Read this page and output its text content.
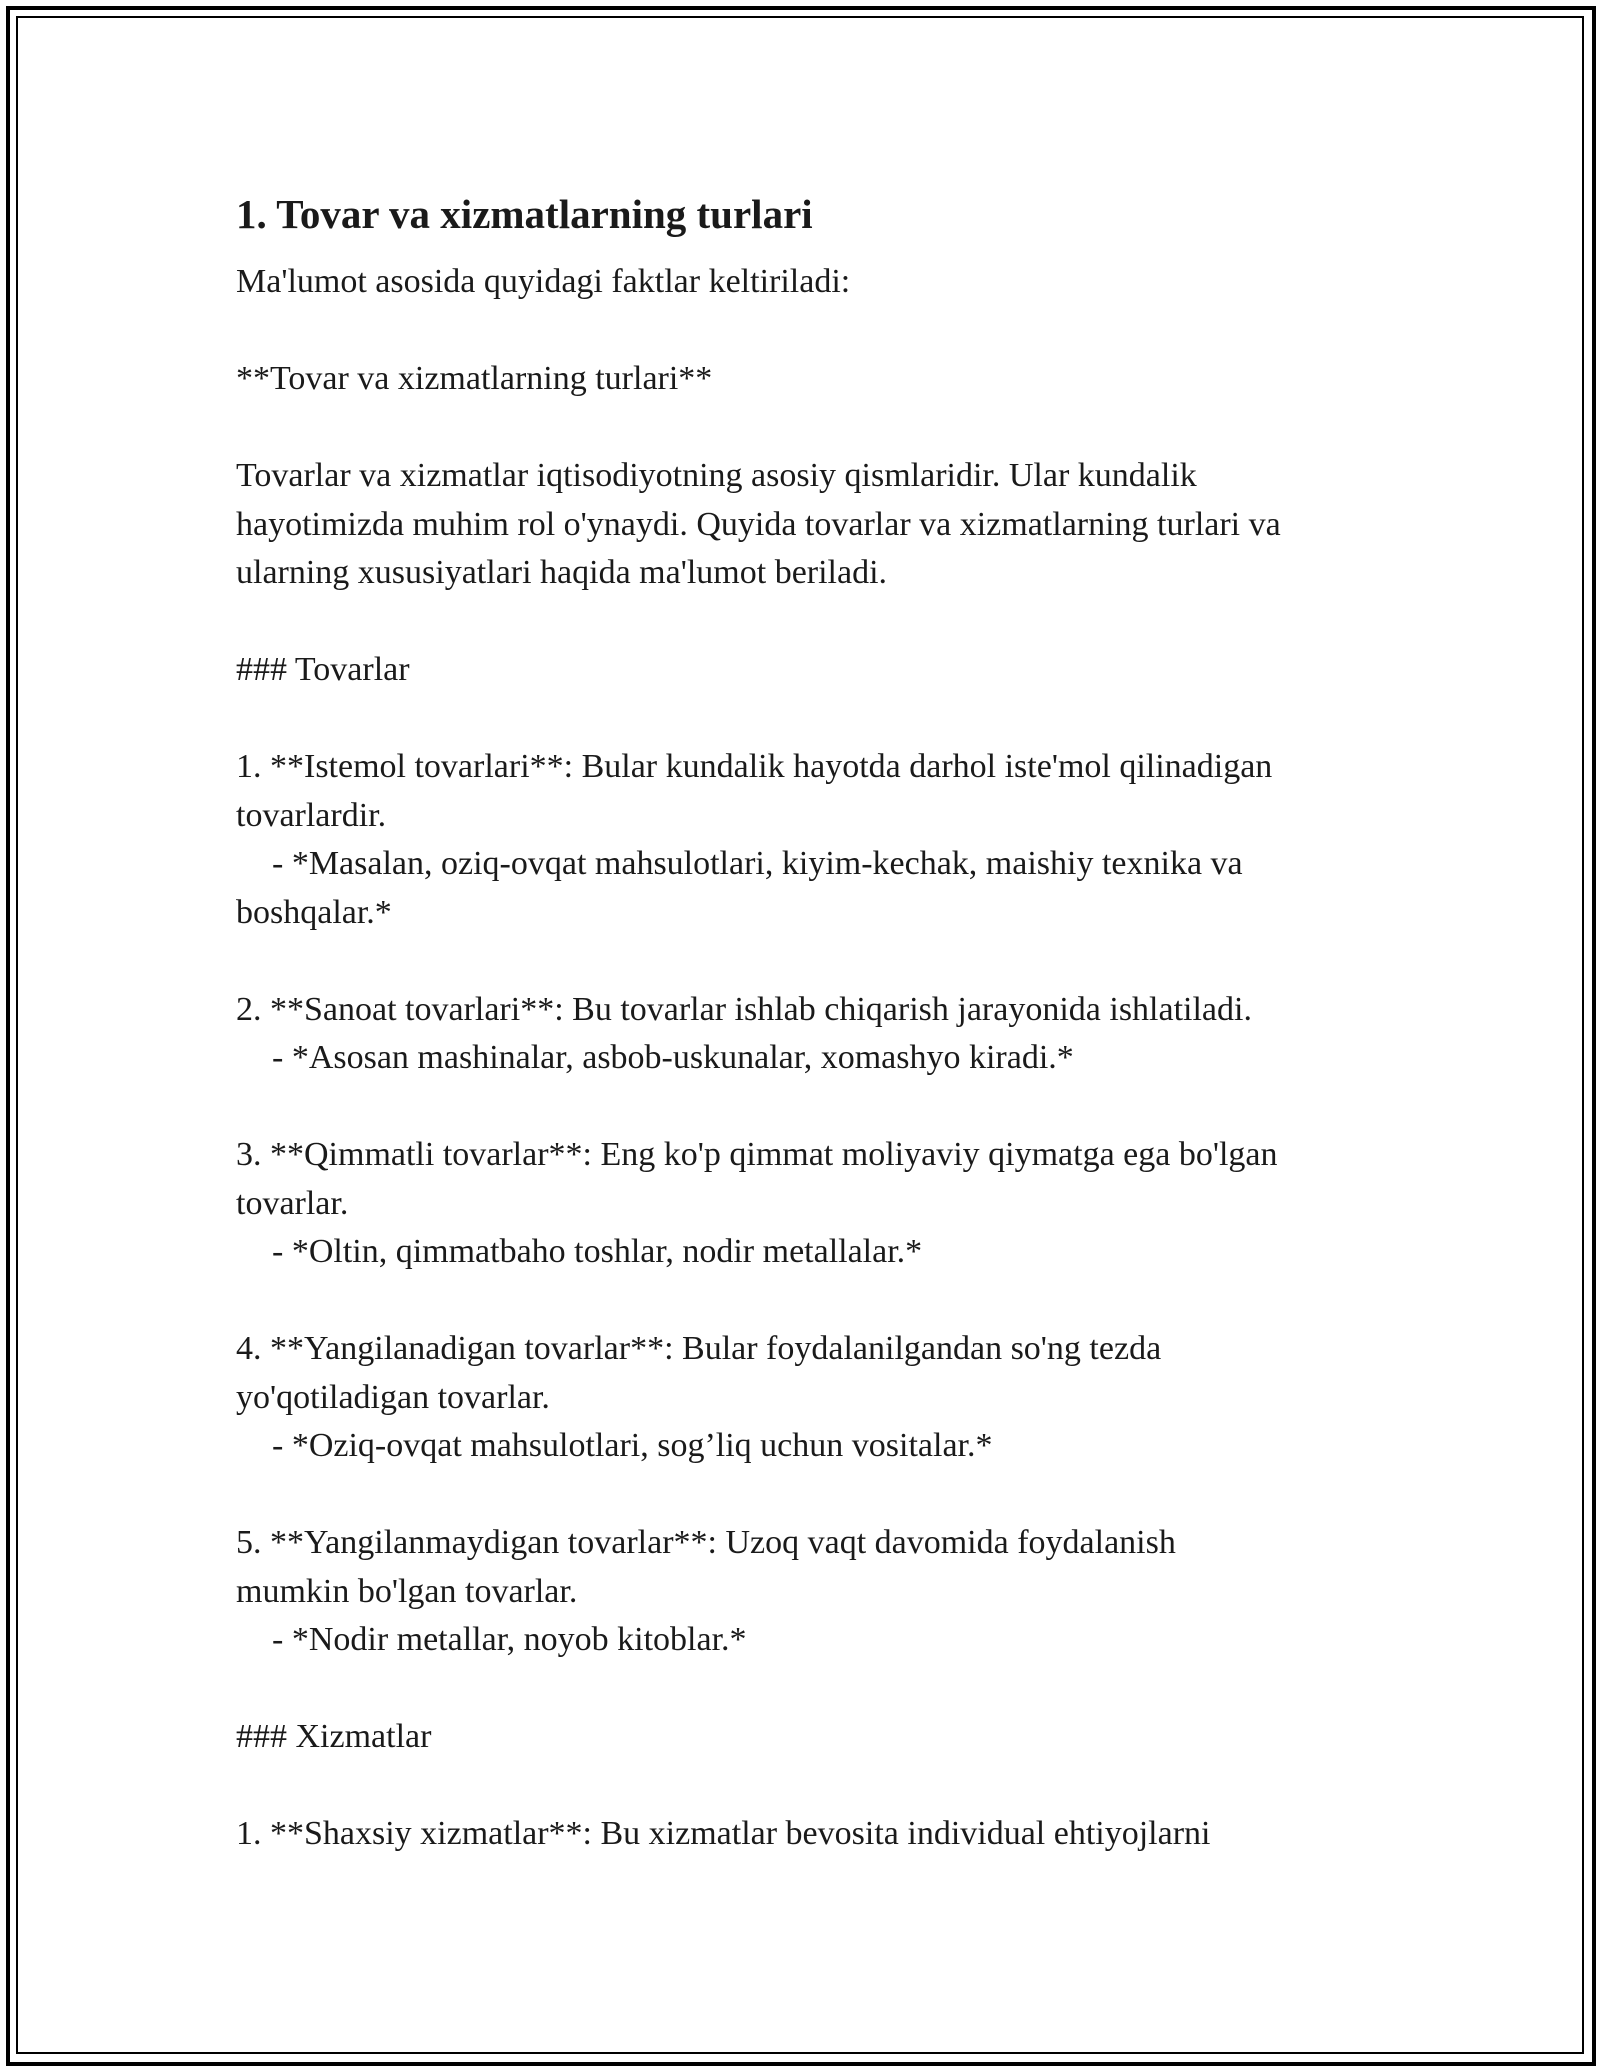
1. Tovar va xizmatlarning turlari

Ma'lumot asosida quyidagi faktlar keltiriladi:

**Tovar va xizmatlarning turlari**

Tovarlar va xizmatlar iqtisodiyotning asosiy qismlaridir. Ular kundalik

hayotimizda muhim rol o'ynaydi. Quyida tovarlar va xizmatlarning turlari va

ularning xususiyatlari haqida ma'lumot beriladi.

### Tovarlar

1. **Istemol tovarlari**: Bular kundalik hayotda darhol iste'mol qilinadigan

tovarlardir.

- *Masalan, oziq-ovqat mahsulotlari, kiyim-kechak, maishiy texnika va

boshqalar.*

2. **Sanoat tovarlari**: Bu tovarlar ishlab chiqarish jarayonida ishlatiladi.

- *Asosan mashinalar, asbob-uskunalar, xomashyo kiradi.*

3. **Qimmatli tovarlar**: Eng ko'p qimmat moliyaviy qiymatga ega bo'lgan

tovarlar.

- *Oltin, qimmatbaho toshlar, nodir metallalar.*

4. **Yangilanadigan tovarlar**: Bular foydalanilgandan so'ng tezda

yo'qotiladigan tovarlar.

- *Oziq-ovqat mahsulotlari, sog’liq uchun vositalar.*

5. **Yangilanmaydigan tovarlar**: Uzoq vaqt davomida foydalanish

mumkin bo'lgan tovarlar.

- *Nodir metallar, noyob kitoblar.*

### Xizmatlar

1. **Shaxsiy xizmatlar**: Bu xizmatlar bevosita individual ehtiyojlarni
